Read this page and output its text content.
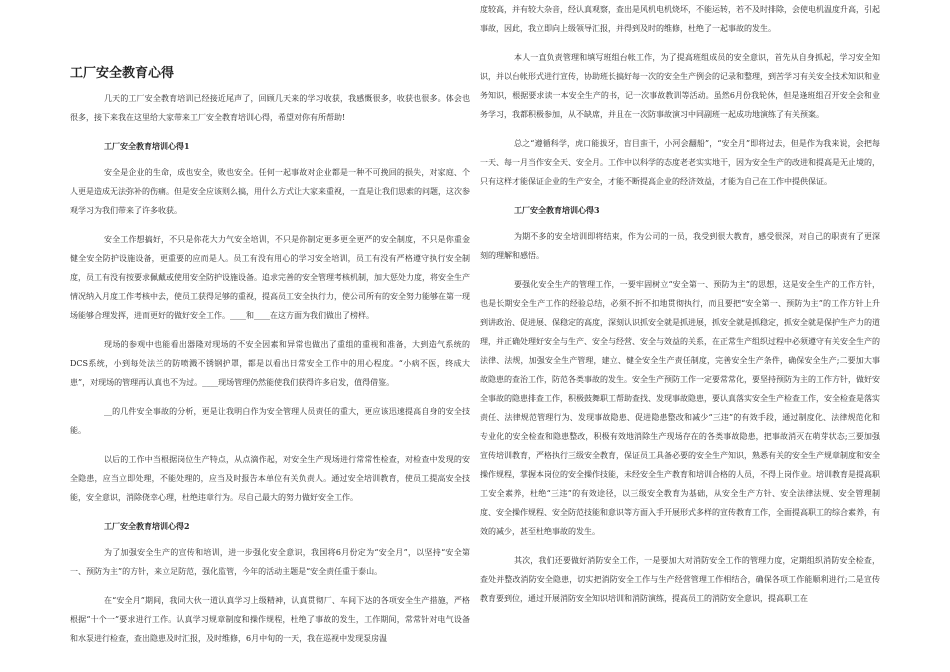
工厂安全教育心得
几天的工厂安全教育培训已经接近尾声了，回顾几天来的学习收获，我感慨很多，收获也很多。体会也很多，接下来我在这里给大家带来工厂安全教育培训心得，希望对你有所帮助!
工厂安全教育培训心得1
安全是企业的生命，成也安全，败也安全。任何一起事故对企业都是一种不可挽回的损失，对家庭、个人更是造成无法弥补的伤痛。但是安全应该则么搞，用什么方式让大家来重视，一直是让我们思索的问题，这次参观学习为我们带来了许多收获。
安全工作想搞好，不只是你花大力气安全培训，不只是你制定更多更全更严的安全制度，不只是你重金健全安全防护设施设备，更重要的应而是人。员工有没有用心的学习安全培训，员工有没有严格遵守执行安全制度，员工有没有按要求佩戴或使用安全防护设施设备。追求完善的安全管理考核机制，加大惩处力度，将安全生产情况纳入月度工作考核中去，使员工获得足够的重视，提高员工安全执行力，使公司所有的安全努力能够在第一现场能够合理发挥，进而更好的做好安全工作。____和____在这方面为我们做出了榜样。
现场的参观中也能看出器隆对现场的不安全因素和异常也做出了重组的重视和准备，大到造气系统的DCS系统，小到每处法兰的防喷溅不锈钢护罩，都是以看出日常安全工作中的用心程度。“小病不医，终成大患”，对现场的管理再认真也不为过。____现场管理仍然能使我们获得许多启发，值得借鉴。
__的几件安全事故的分析，更是让我明白作为安全管理人员责任的重大，更应该迅速提高自身的安全技能。
以后的工作中当根据岗位生产特点，从点滴作起，对安全生产现场进行常常性检查，对检查中发现的安全隐患，应当立即处理，不能处理的，应当及时报告本单位有关负责人。通过安全培训教育，使员工提高安全技能，安全意识，消除侥幸心理，杜绝违章行为。尽自己最大的努力做好安全工作。
工厂安全教育培训心得2
为了加强安全生产的宣传和培训，进一步强化安全意识，我国将6月份定为“安全月”，以坚持“安全第一、预防为主”的方针，来立足防范，强化监管，今年的活动主题是“安全责任重于泰山。
在“安全月”期间，我同大伙一道认真学习上级精神，认真贯彻厂、车间下达的各项安全生产措施，严格根据“十个一”要求进行工作。认真学习规章制度和操作规程，杜绝了事故的发生，工作期间，常常针对电气设备和水泵进行检查，查出隐患及时汇报，及时维修，6月中旬的一天，我在巡视中发现泵房温
度较高，并有较大杂音，经认真观察，查出是风机电机烧坏，不能运转，若不及时排除，会使电机温度升高，引起事故，因此，我立即向上级领导汇报，并得到及时的维修，杜绝了一起事故的发生。
本人一直负责管理和填写班组台帐工作，为了提高班组成员的安全意识，首先从自身抓起，学习安全知识，并以台帐形式进行宣传，协助班长搞好每一次的安全生产例会的记录和整理，到苦学习有关安全技术知识和业务知识，根据要求读一本安全生产的书，记一次事故教训等活动。虽然6月份我轮休，但是逢班组召开安全会和业务学习，我都积极参加，从不缺席，并且在一次防事故演习中同副班一起成功地演练了有关预案。
总之“遵循科学，虎口能拔牙，盲目蛮干，小河会翻船”，“安全月”即将过去，但是作为我来说，会把每一天、每一月当作安全天、安全月。工作中以科学的态度老老实实地干，因为安全生产的改进和提高是无止境的，只有这样才能保证企业的生产安全，才能不断提高企业的经济效益，才能为自己在工作中提供保证。
工厂安全教育培训心得3
为期不多的安全培训即将结束，作为公司的一员，我受到很大教育，感受很深，对自己的职责有了更深刻的理解和感悟。
要强化安全生产的管理工作，一要牢固树立“安全第一、预防为主”的思想，这是安全生产的工作方针，也是长期安全生产工作的经验总结，必须不折不扣地贯彻执行，而且要把“安全第一、预防为主”的工作方针上升到讲政治、促进展、保稳定的高度，深刻认识抓安全就是抓进展，抓安全就是抓稳定，抓安全就是保护生产力的道理，并正确处理好安全与生产、安全与经营、安全与效益的关系，在正常生产组织过程中必须遵守有关安全生产的法律、法规，加强安全生产管理，建立、健全安全生产责任制度，完善安全生产条件，确保安全生产;二要加大事故隐患的查治工作，防范各类事故的发生。安全生产预防工作一定要常常化，要坚持预防为主的工作方针，做好安全事故的隐患排查工作，积极鼓舞职工帮助查找、发现事故隐患，要认真落实安全生产检查工作，安全检查是落实责任、法律规范管理行为、发现事故隐患、促进隐患整改和减少“三违”的有效手段，通过制度化、法律规范化和专业化的安全检查和隐患整改，积极有效地消除生产现场存在的各类事故隐患，把事故消灭在萌芽状态;三要加强宣传培训教育，严格执行三级安全教育，保证员工具备必要的安全生产知识，熟悉有关的安全生产规章制度和安全操作规程，掌握本岗位的安全操作技能，未经安全生产教育和培训合格的人员，不得上岗作业。培训教育是提高职工安全素养，杜绝“三违”的有效途径，以三级安全教育为基础，从安全生产方针、安全法律法规、安全管理制度、安全操作规程、安全防范技能和意识等方面入手开展形式多样的宣传教育工作，全面提高职工的综合素养，有效的减少，甚至杜绝事故的发生。
其次，我们还要做好消防安全工作，一是要加大对消防安全工作的管理力度，定期组织消防安全检查，查处并整改消防安全隐患，切实把消防安全工作与生产经营管理工作相结合，确保各项工作能顺利进行;二是宣传教育要到位，通过开展消防安全知识培训和消防演练，提高员工的消防安全意识，提高职工在
